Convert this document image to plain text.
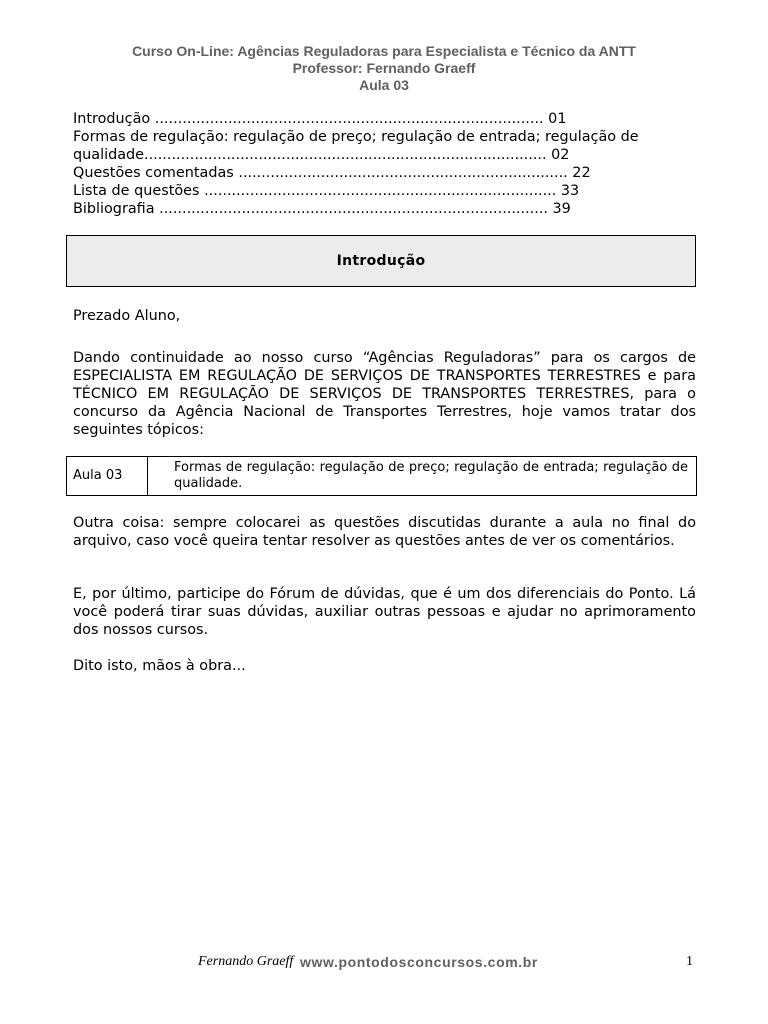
Curso On-Line: Agências Reguladoras para Especialista e Técnico da ANTT
Professor: Fernando Graeff
Aula 03
Introdução ..................................................................................... 01
Formas de regulação: regulação de preço; regulação de entrada; regulação de
qualidade........................................................................................ 02
Questões comentadas ........................................................................ 22
Lista de questões ............................................................................. 33
Bibliografia ..................................................................................... 39
Introdução
Prezado Aluno,
Dando continuidade ao nosso curso “Agências Reguladoras” para os cargos de ESPECIALISTA EM REGULAÇÃO DE SERVIÇOS DE TRANSPORTES TERRESTRES e para TÉCNICO EM REGULAÇÃO DE SERVIÇOS DE TRANSPORTES TERRESTRES, para o concurso da Agência Nacional de Transportes Terrestres, hoje vamos tratar dos seguintes tópicos:
Aula 03
Formas de regulação: regulação de preço; regulação de entrada; regulação de qualidade.
Outra coisa: sempre colocarei as questões discutidas durante a aula no final do arquivo, caso você queira tentar resolver as questões antes de ver os comentários.
E, por último, participe do Fórum de dúvidas, que é um dos diferenciais do Ponto. Lá você poderá tirar suas dúvidas, auxiliar outras pessoas e ajudar no aprimoramento dos nossos cursos.
Dito isto, mãos à obra...
Fernando Graeff www.pontodosconcursos.com.br	1
